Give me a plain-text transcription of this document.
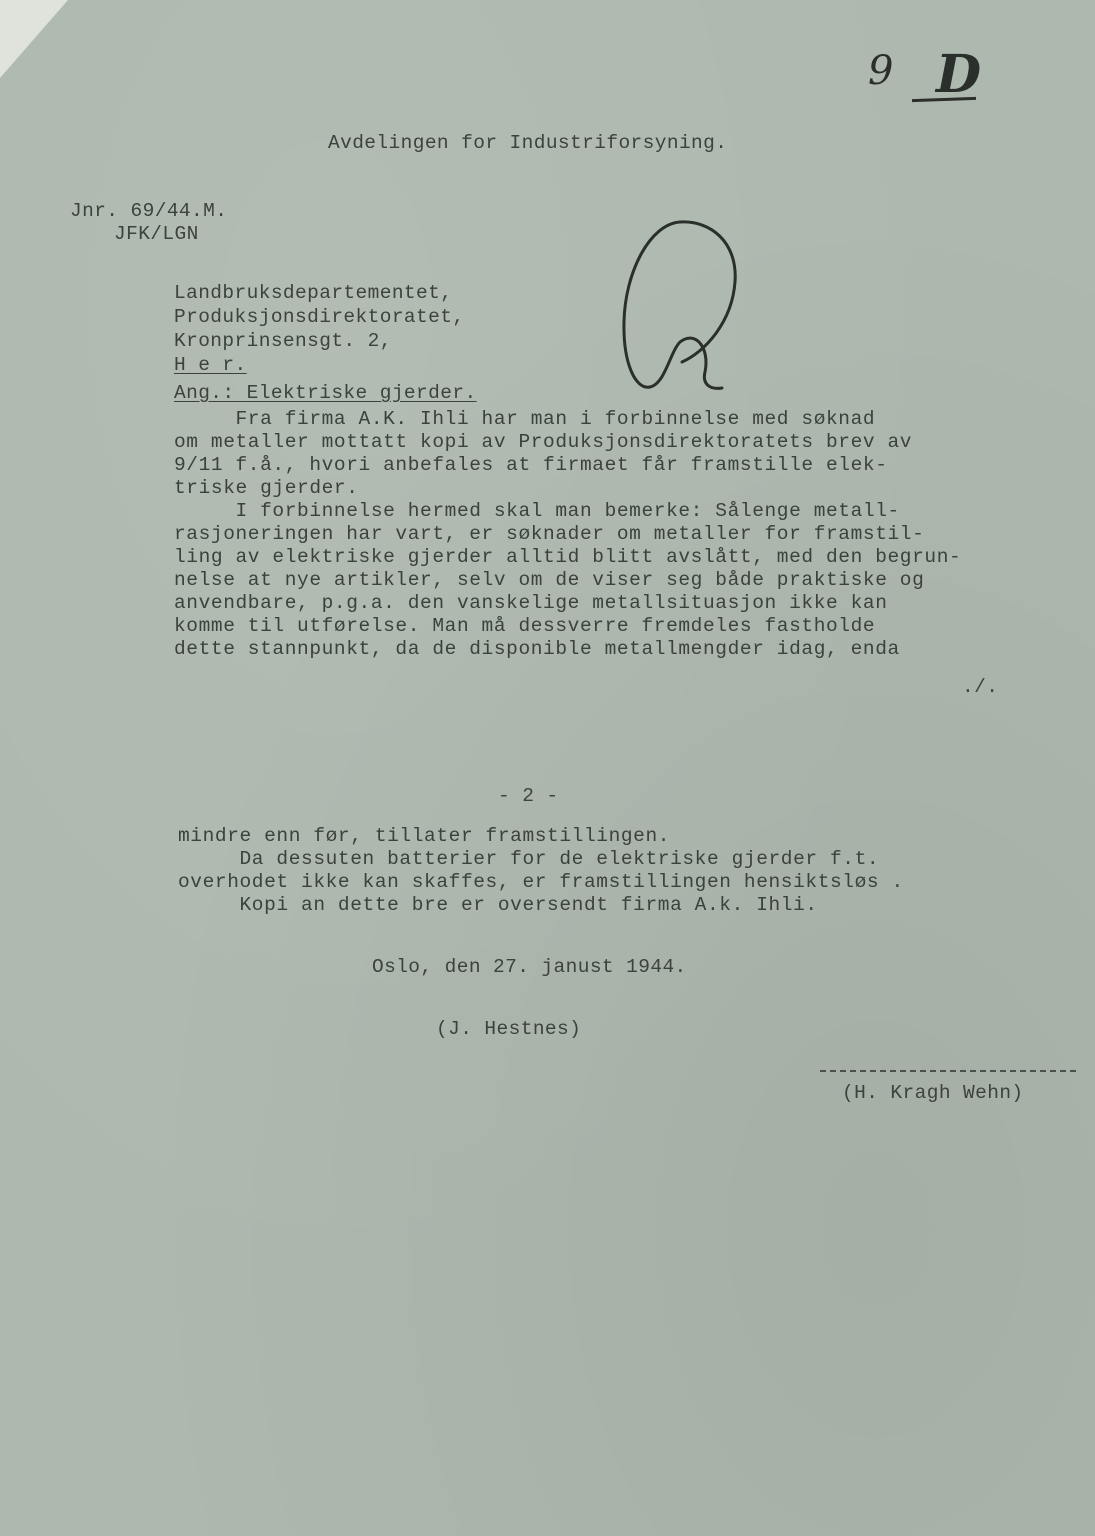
9 D
Avdelingen for Industriforsyning.
Jnr. 69/44.M.
JFK/LGN
Landbruksdepartementet,
Produksjonsdirektoratet,
Kronprinsensgt. 2,
H e r.
Ang.: Elektriske gjerder.
Fra firma A.K. Ihli har man i forbinnelse med søknad
om metaller mottatt kopi av Produksjonsdirektoratets brev av
9/11 f.å., hvori anbefales at firmaet får framstille elek-
triske gjerder.
I forbinnelse hermed skal man bemerke: Sålenge metall-
rasjoneringen har vart, er søknader om metaller for framstil-
ling av elektriske gjerder alltid blitt avslått, med den begrun-
nelse at nye artikler, selv om de viser seg både praktiske og
anvendbare, p.g.a. den vanskelige metallsituasjon ikke kan
komme til utførelse. Man må dessverre fremdeles fastholde
dette stannpunkt, da de disponible metallmengder idag, enda
./.
- 2 -
mindre enn før, tillater framstillingen.
Da dessuten batterier for de elektriske gjerder f.t.
overhodet ikke kan skaffes, er framstillingen hensiktsløs .
Kopi an dette bre er oversendt firma A.k. Ihli.
Oslo, den 27. janust 1944.
(J. Hestnes)
(H. Kragh Wehn)
